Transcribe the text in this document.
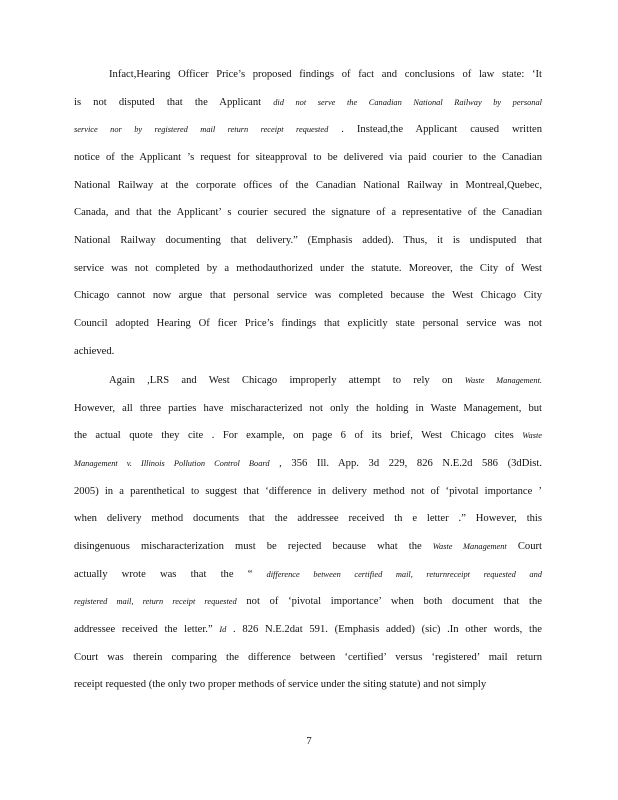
Infact,Hearing Officer Price’s proposed findings of fact and conclusions of law state: ‘It
is not disputed that the Applicant did not serve the Canadian National Railway by personal
service nor by registered mail return receipt requested . Instead,the Applicant caused written
notice of the Applicant ’s request for siteapproval to be delivered via paid courier to the Canadian
National Railway at the corporate offices of the Canadian National Railway in Montreal,Quebec,
Canada, and that the Applicant’ s courier secured the signature of a representative of the Canadian
National Railway documenting that delivery.” (Emphasis added). Thus, it is undisputed that
service was not completed by a methodauthorized under the statute. Moreover, the City of West
Chicago cannot now argue that personal service was completed because the West Chicago City
Council adopted Hearing Of ficer Price’s findings that explicitly state personal service was not
achieved.
Again ,LRS and West Chicago improperly attempt to rely on Waste Management.
However, all three parties have mischaracterized not only the holding in Waste Management, but
the actual quote they cite . For example, on page 6 of its brief, West Chicago cites Waste
Management v. Illinois Pollution Control Board , 356 Ill. App. 3d 229, 826 N.E.2d 586 (3dDist.
2005) in a parenthetical to suggest that ‘difference in delivery method not of ‘pivotal importance ’
when delivery method documents that the addressee received th e letter .” However, this
disingenuous mischaracterization must be rejected because what the Waste Management Court
actually wrote was that the “ difference between certified mail, returnreceipt requested and
registered mail, return receipt requested not of ‘pivotal importance’ when both document that the
addressee received the letter.” Id . 826 N.E.2dat 591. (Emphasis added) (sic) .In other words, the
Court was therein comparing the difference between ‘certified’ versus ‘registered’ mail return
receipt requested (the only two proper methods of service under the siting statute) and not simply
7
